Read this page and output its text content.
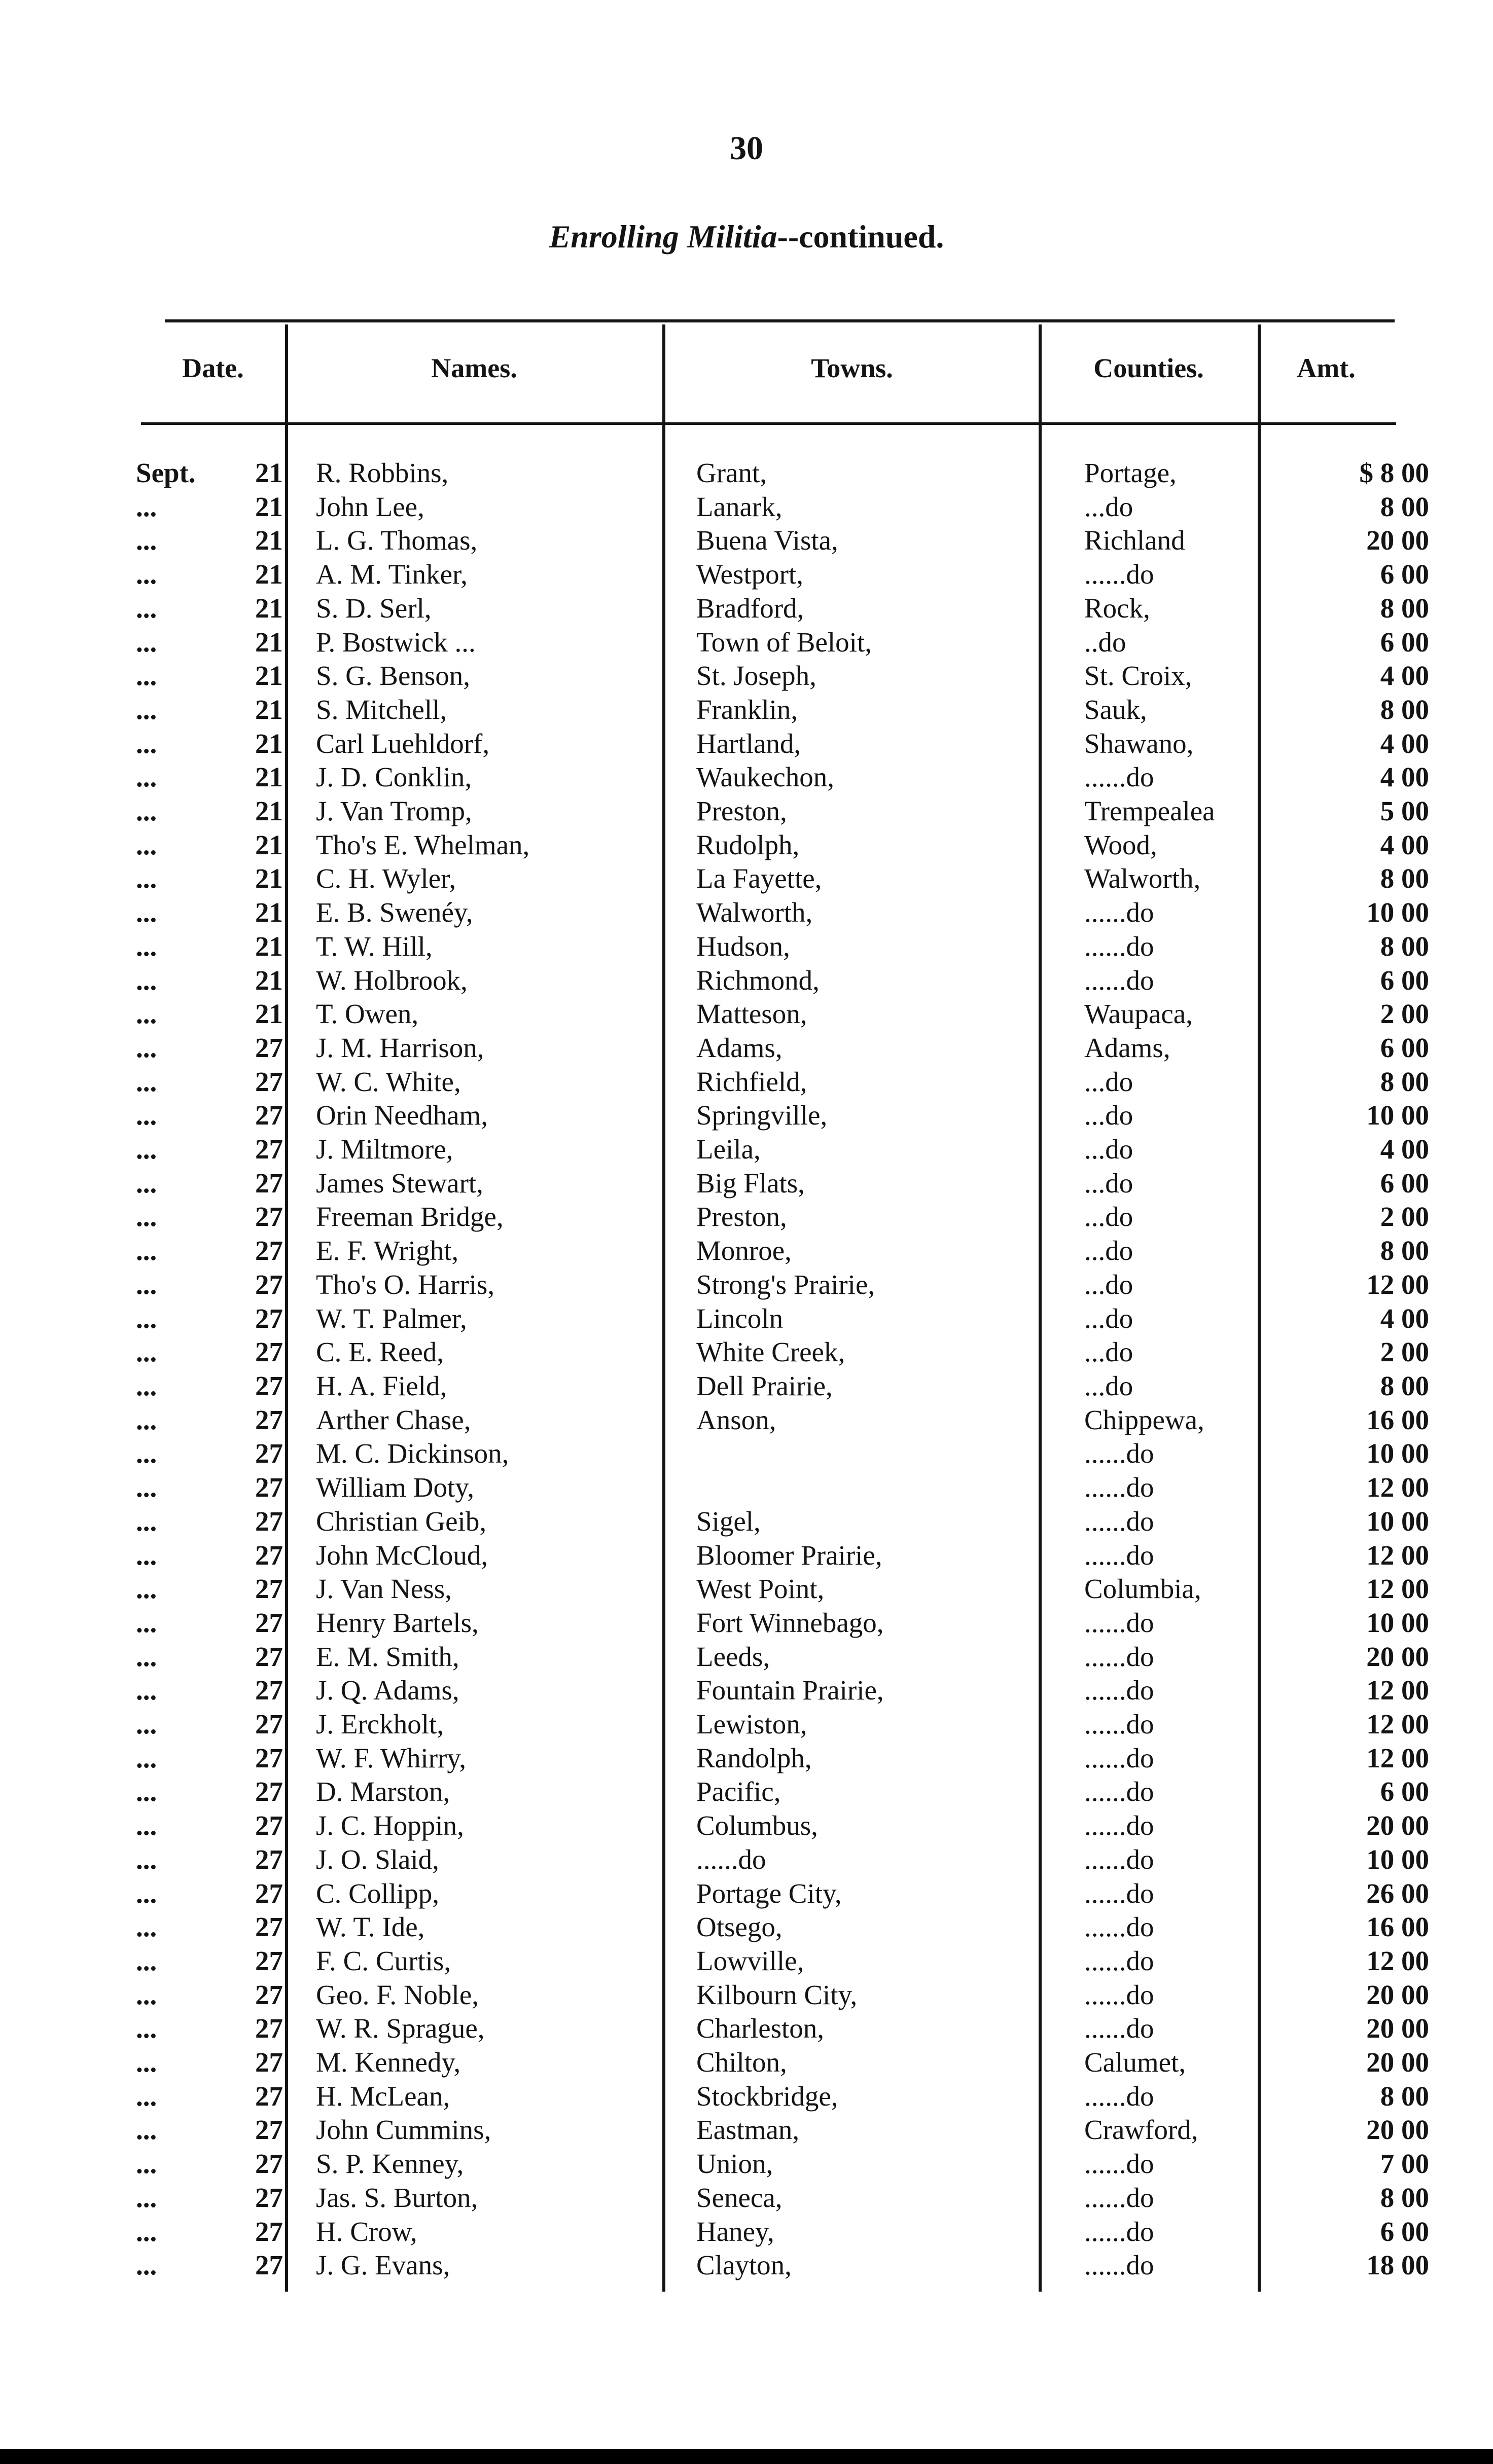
30
Enrolling Militia--continued.
Date.	Names.	Towns.	Counties.	Amt.
Sept.	21	R. Robbins,	Grant,	Portage,	$ 8 00
...	21	John Lee,	Lanark,	...do	8 00
...	21	L. G. Thomas,	Buena Vista,	Richland	20 00
...	21	A. M. Tinker,	Westport,	......do	6 00
...	21	S. D. Serl,	Bradford,	Rock,	8 00
...	21	P. Bostwick ...	Town of Beloit,	..do	6 00
...	21	S. G. Benson,	St. Joseph,	St. Croix,	4 00
...	21	S. Mitchell,	Franklin,	Sauk,	8 00
...	21	Carl Luehldorf,	Hartland,	Shawano,	4 00
...	21	J. D. Conklin,	Waukechon,	......do	4 00
...	21	J. Van Tromp,	Preston,	Trempealea	5 00
...	21	Tho's E. Whelman,	Rudolph,	Wood,	4 00
...	21	C. H. Wyler,	La Fayette,	Walworth,	8 00
...	21	E. B. Swenéy,	Walworth,	......do	10 00
...	21	T. W. Hill,	Hudson,	......do	8 00
...	21	W. Holbrook,	Richmond,	......do	6 00
...	21	T. Owen,	Matteson,	Waupaca,	2 00
...	27	J. M. Harrison,	Adams,	Adams,	6 00
...	27	W. C. White,	Richfield,	...do	8 00
...	27	Orin Needham,	Springville,	...do	10 00
...	27	J. Miltmore,	Leila,	...do	4 00
...	27	James Stewart,	Big Flats,	...do	6 00
...	27	Freeman Bridge,	Preston,	...do	2 00
...	27	E. F. Wright,	Monroe,	...do	8 00
...	27	Tho's O. Harris,	Strong's Prairie,	...do	12 00
...	27	W. T. Palmer,	Lincoln	...do	4 00
...	27	C. E. Reed,	White Creek,	...do	2 00
...	27	H. A. Field,	Dell Prairie,	...do	8 00
...	27	Arther Chase,	Anson,	Chippewa,	16 00
...	27	M. C. Dickinson,		......do	10 00
...	27	William Doty,		......do	12 00
...	27	Christian Geib,	Sigel,	......do	10 00
...	27	John McCloud,	Bloomer Prairie,	......do	12 00
...	27	J. Van Ness,	West Point,	Columbia,	12 00
...	27	Henry Bartels,	Fort Winnebago,	......do	10 00
...	27	E. M. Smith,	Leeds,	......do	20 00
...	27	J. Q. Adams,	Fountain Prairie,	......do	12 00
...	27	J. Erckholt,	Lewiston,	......do	12 00
...	27	W. F. Whirry,	Randolph,	......do	12 00
...	27	D. Marston,	Pacific,	......do	6 00
...	27	J. C. Hoppin,	Columbus,	......do	20 00
...	27	J. O. Slaid,	......do	......do	10 00
...	27	C. Collipp,	Portage City,	......do	26 00
...	27	W. T. Ide,	Otsego,	......do	16 00
...	27	F. C. Curtis,	Lowville,	......do	12 00
...	27	Geo. F. Noble,	Kilbourn City,	......do	20 00
...	27	W. R. Sprague,	Charleston,	......do	20 00
...	27	M. Kennedy,	Chilton,	Calumet,	20 00
...	27	H. McLean,	Stockbridge,	......do	8 00
...	27	John Cummins,	Eastman,	Crawford,	20 00
...	27	S. P. Kenney,	Union,	......do	7 00
...	27	Jas. S. Burton,	Seneca,	......do	8 00
...	27	H. Crow,	Haney,	......do	6 00
...	27	J. G. Evans,	Clayton,	......do	18 00
